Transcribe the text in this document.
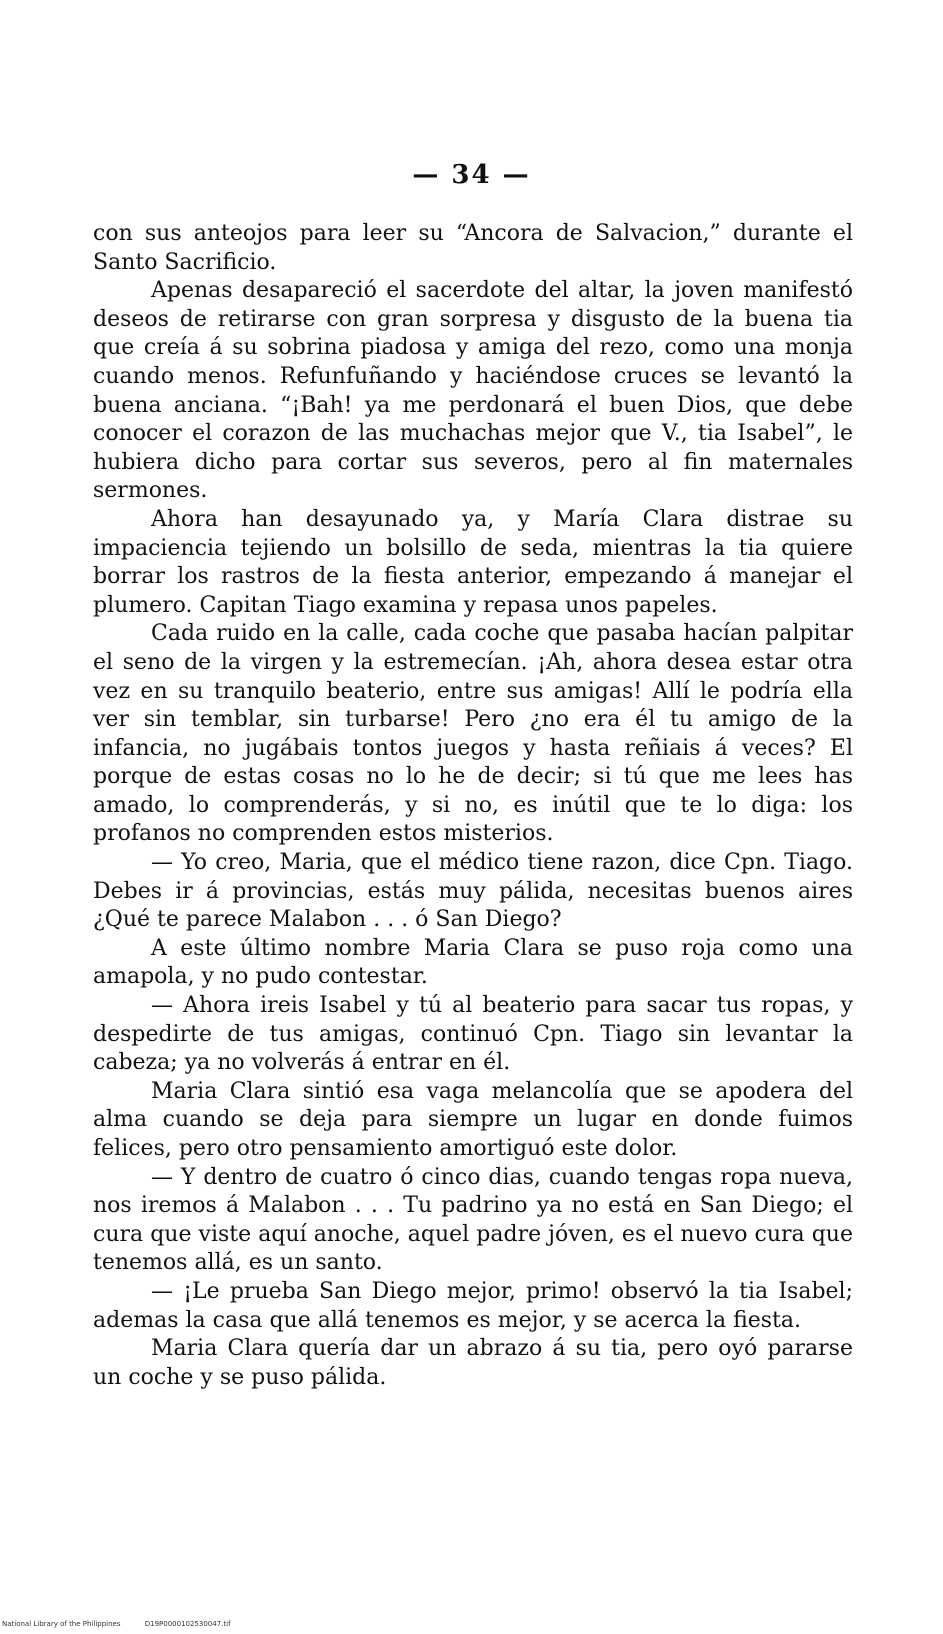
— 34 —

con sus anteojos para leer su “Ancora de Salvacion,” durante el Santo Sacrificio.

Apenas desapareció el sacerdote del altar, la joven manifestó deseos de retirarse con gran sorpresa y disgusto de la buena tia que creía á su sobrina piadosa y amiga del rezo, como una monja cuando menos. Refunfuñando y haciéndose cruces se levantó la buena anciana. “¡Bah! ya me perdonará el buen Dios, que debe conocer el corazon de las muchachas mejor que V., tia Isabel”, le hubiera dicho para cortar sus severos, pero al fin maternales sermones.

Ahora han desayunado ya, y María Clara distrae su impaciencia tejiendo un bolsillo de seda, mientras la tia quiere borrar los rastros de la fiesta anterior, empezando á manejar el plumero. Capitan Tiago examina y repasa unos papeles.

Cada ruido en la calle, cada coche que pasaba hacían palpitar el seno de la virgen y la estremecían. ¡Ah, ahora desea estar otra vez en su tranquilo beaterio, entre sus amigas! Allí le podría ella ver sin temblar, sin turbarse! Pero ¿no era él tu amigo de la infancia, no jugábais tontos juegos y hasta reñiais á veces? El porque de estas cosas no lo he de decir; si tú que me lees has amado, lo comprenderás, y si no, es inútil que te lo diga: los profanos no comprenden estos misterios.

— Yo creo, Maria, que el médico tiene razon, dice Cpn. Tiago. Debes ir á provincias, estás muy pálida, necesitas buenos aires ¿Qué te parece Malabon . . . ó San Diego?

A este último nombre Maria Clara se puso roja como una amapola, y no pudo contestar.

— Ahora ireis Isabel y tú al beaterio para sacar tus ropas, y despedirte de tus amigas, continuó Cpn. Tiago sin levantar la cabeza; ya no volverás á entrar en él.

Maria Clara sintió esa vaga melancolía que se apodera del alma cuando se deja para siempre un lugar en donde fuimos felices, pero otro pensamiento amortiguó este dolor.

— Y dentro de cuatro ó cinco dias, cuando tengas ropa nueva, nos iremos á Malabon . . . Tu padrino ya no está en San Diego; el cura que viste aquí anoche, aquel padre jóven, es el nuevo cura que tenemos allá, es un santo.

— ¡Le prueba San Diego mejor, primo! observó la tia Isabel; ademas la casa que allá tenemos es mejor, y se acerca la fiesta.

Maria Clara quería dar un abrazo á su tia, pero oyó pararse un coche y se puso pálida.

National Library of the Philippines	D19P0000102530047.tif
